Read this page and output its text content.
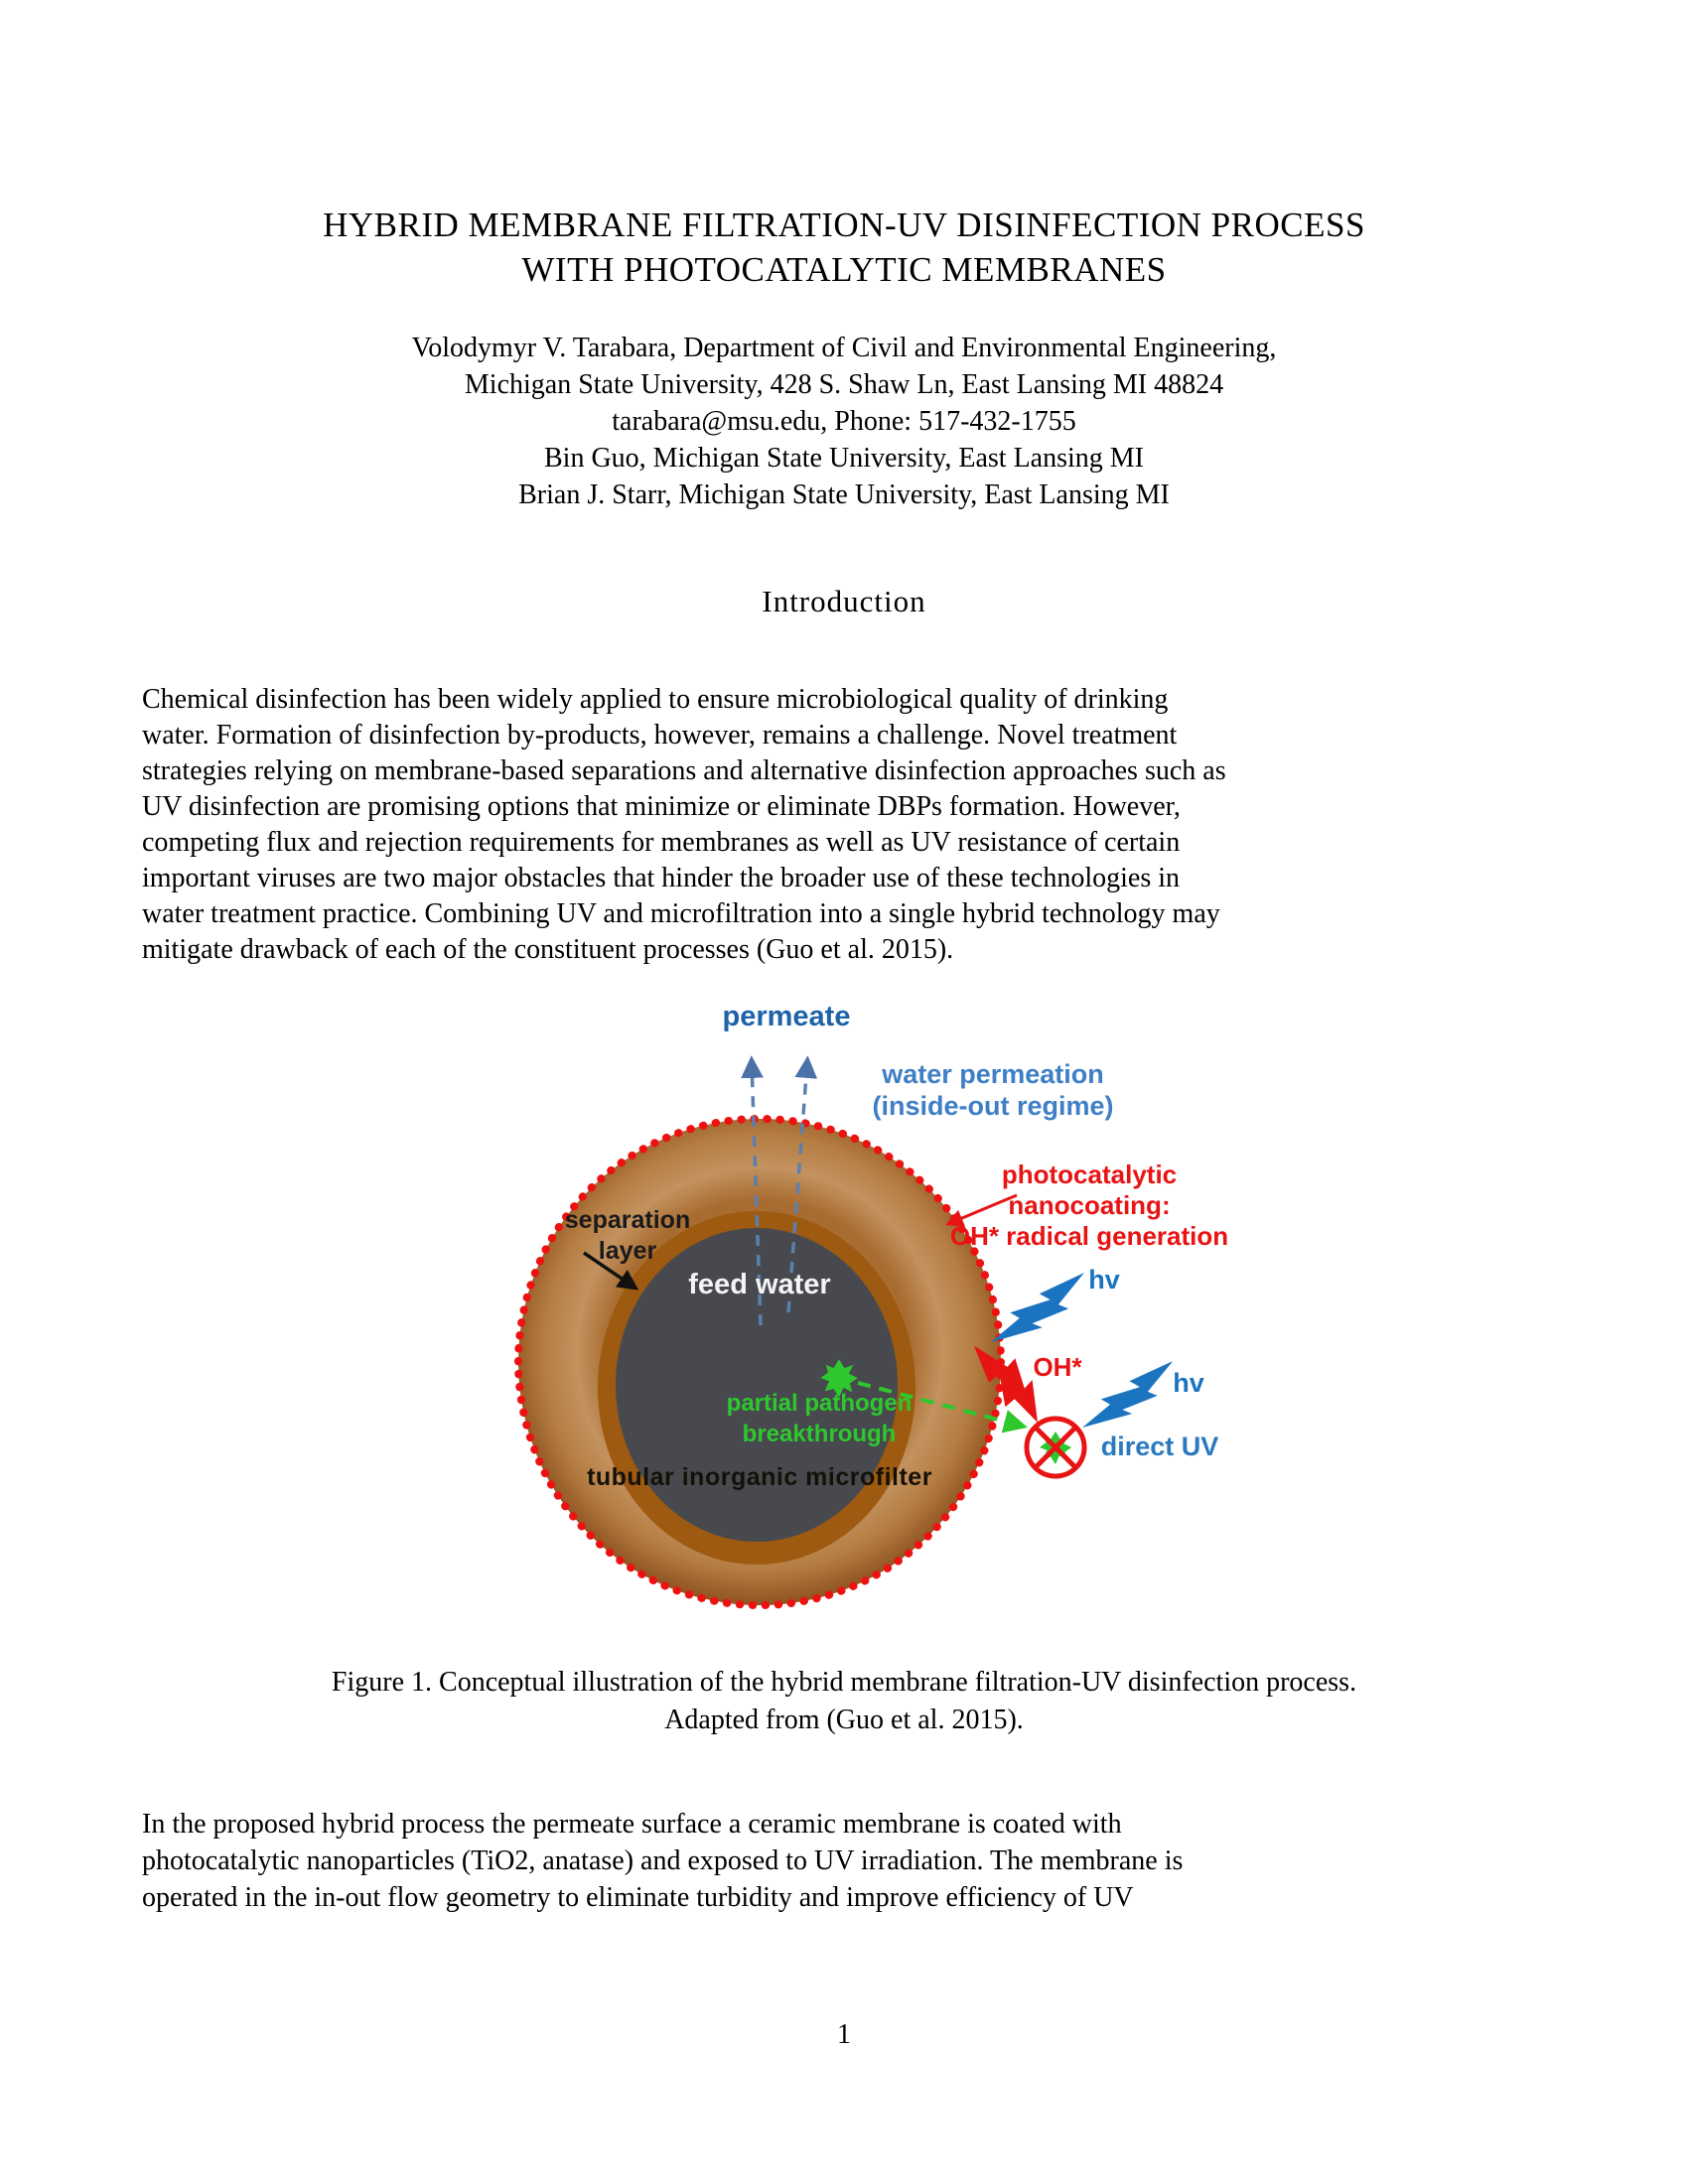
HYBRID MEMBRANE FILTRATION-UV DISINFECTION PROCESS
WITH PHOTOCATALYTIC MEMBRANES
Volodymyr V. Tarabara, Department of Civil and Environmental Engineering,
Michigan State University, 428 S. Shaw Ln, East Lansing MI 48824
tarabara@msu.edu, Phone: 517-432-1755
Bin Guo, Michigan State University, East Lansing MI
Brian J. Starr, Michigan State University, East Lansing MI
Introduction
Chemical disinfection has been widely applied to ensure microbiological quality of drinking
water. Formation of disinfection by-products, however, remains a challenge. Novel treatment
strategies relying on membrane-based separations and alternative disinfection approaches such as
UV disinfection are promising options that minimize or eliminate DBPs formation. However,
competing flux and rejection requirements for membranes as well as UV resistance of certain
important viruses are two major obstacles that hinder the broader use of these technologies in
water treatment practice. Combining UV and microfiltration into a single hybrid technology may
mitigate drawback of each of the constituent processes (Guo et al. 2015).
permeate
water permeation
(inside-out regime)
separation
layer
feed water
partial pathogen
breakthrough
photocatalytic
nanocoating:
OH* radical generation
hv
hv
OH*
direct UV
tubular inorganic microfilter
Figure 1. Conceptual illustration of the hybrid membrane filtration-UV disinfection process.
Adapted from (Guo et al. 2015).
In the proposed hybrid process the permeate surface a ceramic membrane is coated with
photocatalytic nanoparticles (TiO2, anatase) and exposed to UV irradiation. The membrane is
operated in the in-out flow geometry to eliminate turbidity and improve efficiency of UV
1
